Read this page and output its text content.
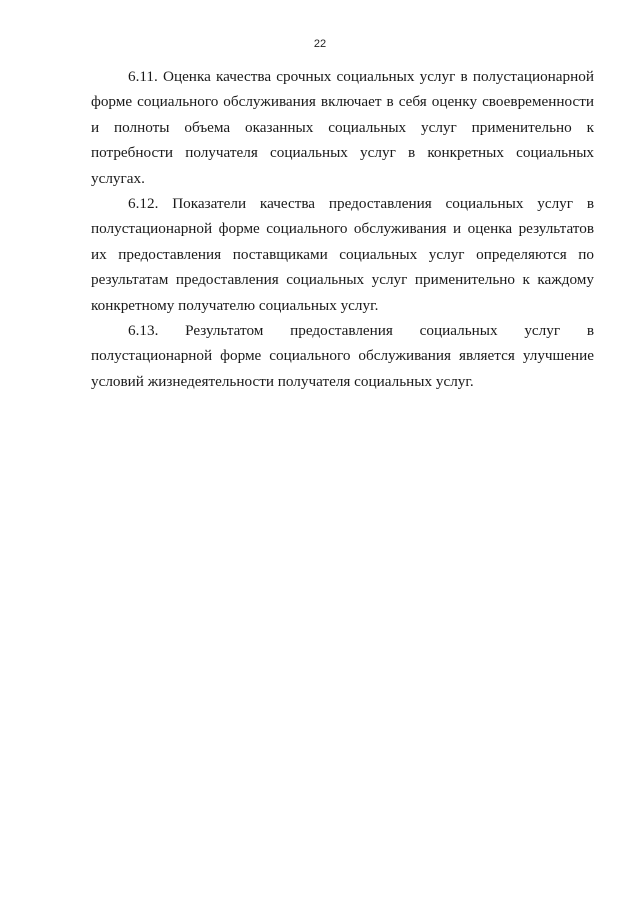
22

6.11. Оценка качества срочных социальных услуг в полустационарной форме социального обслуживания включает в себя оценку своевременности и полноты объема оказанных социальных услуг применительно к потребности получателя социальных услуг в конкретных социальных услугах.

6.12. Показатели качества предоставления социальных услуг в полустационарной форме социального обслуживания и оценка результатов их предоставления поставщиками социальных услуг определяются по результатам предоставления социальных услуг применительно к каждому конкретному получателю социальных услуг.

6.13. Результатом предоставления социальных услуг в полустационарной форме социального обслуживания является улучшение условий жизнедеятельности получателя социальных услуг.
